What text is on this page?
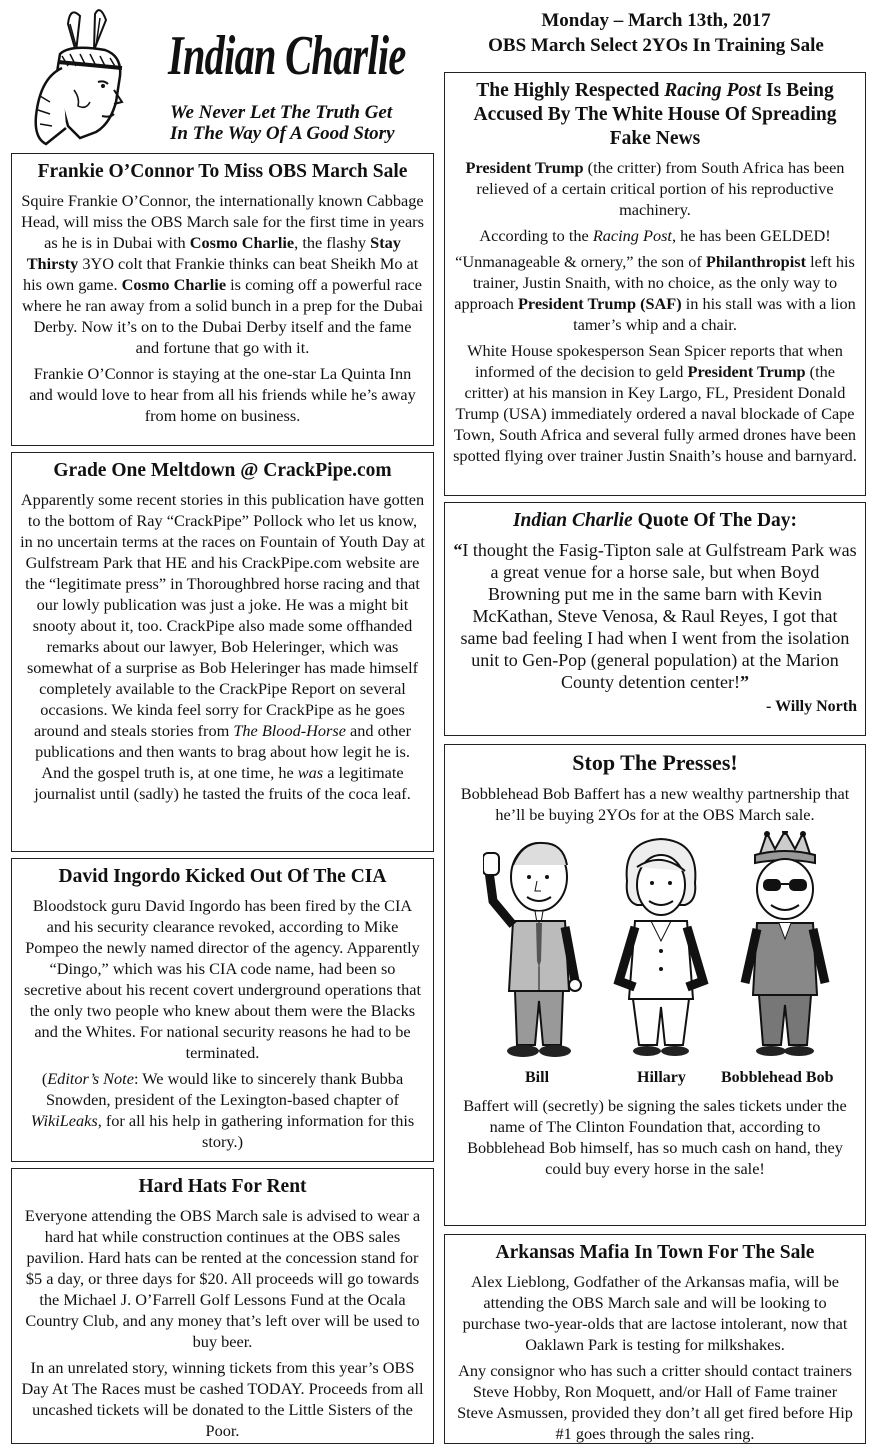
Indian Charlie
We Never Let The Truth Get
In The Way Of A Good Story
Monday – March 13th, 2017
OBS March Select 2YOs In Training Sale
Frankie O’Connor To Miss OBS March Sale

Squire Frankie O’Connor, the internationally known Cabbage Head, will miss the OBS March sale for the first time in years as he is in Dubai with Cosmo Charlie, the flashy Stay Thirsty 3YO colt that Frankie thinks can beat Sheikh Mo at his own game. Cosmo Charlie is coming off a powerful race where he ran away from a solid bunch in a prep for the Dubai Derby. Now it’s on to the Dubai Derby itself and the fame and fortune that go with it.

Frankie O’Connor is staying at the one-star La Quinta Inn and would love to hear from all his friends while he’s away from home on business.

Grade One Meltdown @ CrackPipe.com

Apparently some recent stories in this publication have gotten to the bottom of Ray “CrackPipe” Pollock who let us know, in no uncertain terms at the races on Fountain of Youth Day at Gulfstream Park that HE and his CrackPipe.com website are the “legitimate press” in Thoroughbred horse racing and that our lowly publication was just a joke. He was a might bit snooty about it, too. CrackPipe also made some offhanded remarks about our lawyer, Bob Heleringer, which was somewhat of a surprise as Bob Heleringer has made himself completely available to the CrackPipe Report on several occasions. We kinda feel sorry for CrackPipe as he goes around and steals stories from The Blood-Horse and other publications and then wants to brag about how legit he is. And the gospel truth is, at one time, he was a legitimate journalist until (sadly) he tasted the fruits of the coca leaf.

David Ingordo Kicked Out Of The CIA

Bloodstock guru David Ingordo has been fired by the CIA and his security clearance revoked, according to Mike Pompeo the newly named director of the agency. Apparently “Dingo,” which was his CIA code name, had been so secretive about his recent covert underground operations that the only two people who knew about them were the Blacks and the Whites. For national security reasons he had to be terminated.

(Editor’s Note: We would like to sincerely thank Bubba Snowden, president of the Lexington-based chapter of WikiLeaks, for all his help in gathering information for this story.)

Hard Hats For Rent

Everyone attending the OBS March sale is advised to wear a hard hat while construction continues at the OBS sales pavilion. Hard hats can be rented at the concession stand for $5 a day, or three days for $20. All proceeds will go towards the Michael J. O’Farrell Golf Lessons Fund at the Ocala Country Club, and any money that’s left over will be used to buy beer.

In an unrelated story, winning tickets from this year’s OBS Day At The Races must be cashed TODAY. Proceeds from all uncashed tickets will be donated to the Little Sisters of the Poor.

The Highly Respected Racing Post Is Being Accused By The White House Of Spreading Fake News

President Trump (the critter) from South Africa has been relieved of a certain critical portion of his reproductive machinery.

According to the Racing Post, he has been GELDED!

“Unmanageable & ornery,” the son of Philanthropist left his trainer, Justin Snaith, with no choice, as the only way to approach President Trump (SAF) in his stall was with a lion tamer’s whip and a chair.

White House spokesperson Sean Spicer reports that when informed of the decision to geld President Trump (the critter) at his mansion in Key Largo, FL, President Donald Trump (USA) immediately ordered a naval blockade of Cape Town, South Africa and several fully armed drones have been spotted flying over trainer Justin Snaith’s house and barnyard.

Indian Charlie Quote Of The Day:

“I thought the Fasig-Tipton sale at Gulfstream Park was a great venue for a horse sale, but when Boyd Browning put me in the same barn with Kevin McKathan, Steve Venosa, & Raul Reyes, I got that same bad feeling I had when I went from the isolation unit to Gen-Pop (general population) at the Marion County detention center!”

- Willy North
Stop The Presses!

Bobblehead Bob Baffert has a new wealthy partnership that he’ll be buying 2YOs for at the OBS March sale.

Bill	Hillary Bobblehead Bob

Baffert will (secretly) be signing the sales tickets under the name of The Clinton Foundation that, according to Bobblehead Bob himself, has so much cash on hand, they could buy every horse in the sale!

Arkansas Mafia In Town For The Sale

Alex Lieblong, Godfather of the Arkansas mafia, will be attending the OBS March sale and will be looking to purchase two-year-olds that are lactose intolerant, now that Oaklawn Park is testing for milkshakes.

Any consignor who has such a critter should contact trainers Steve Hobby, Ron Moquett, and/or Hall of Fame trainer Steve Asmussen, provided they don’t all get fired before Hip #1 goes through the sales ring.
